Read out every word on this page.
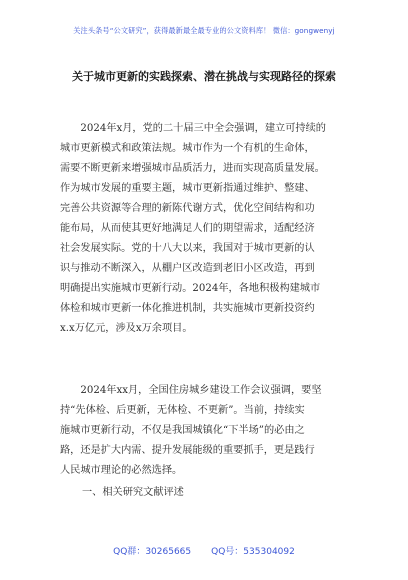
关注头条号“公文研究”，获得最新最全最专业的公文资料库！ 微信：gongwenyj
关于城市更新的实践探索、潜在挑战与实现路径的探索
　　2024年x月，党的二十届三中全会强调，建立可持续的
城市更新模式和政策法规。城市作为一个有机的生命体，
需要不断更新来增强城市品质活力，进而实现高质量发展。
作为城市发展的重要主题，城市更新指通过维护、整建、
完善公共资源等合理的新陈代谢方式，优化空间结构和功
能布局，从而使其更好地满足人们的期望需求，适配经济
社会发展实际。党的十八大以来，我国对于城市更新的认
识与推动不断深入，从棚户区改造到老旧小区改造，再到
明确提出实施城市更新行动。2024年，各地积极构建城市
体检和城市更新一体化推进机制，共实施城市更新投资约
x.x万亿元，涉及x万余项目。
　　2024年xx月，全国住房城乡建设工作会议强调，要坚
持“先体检、后更新，无体检、不更新”。当前，持续实
施城市更新行动，不仅是我国城镇化“下半场”的必由之
路，还是扩大内需、提升发展能级的重要抓手，更是践行
人民城市理论的必然选择。
一、相关研究文献评述
QQ群：30265665 QQ号：535304092
